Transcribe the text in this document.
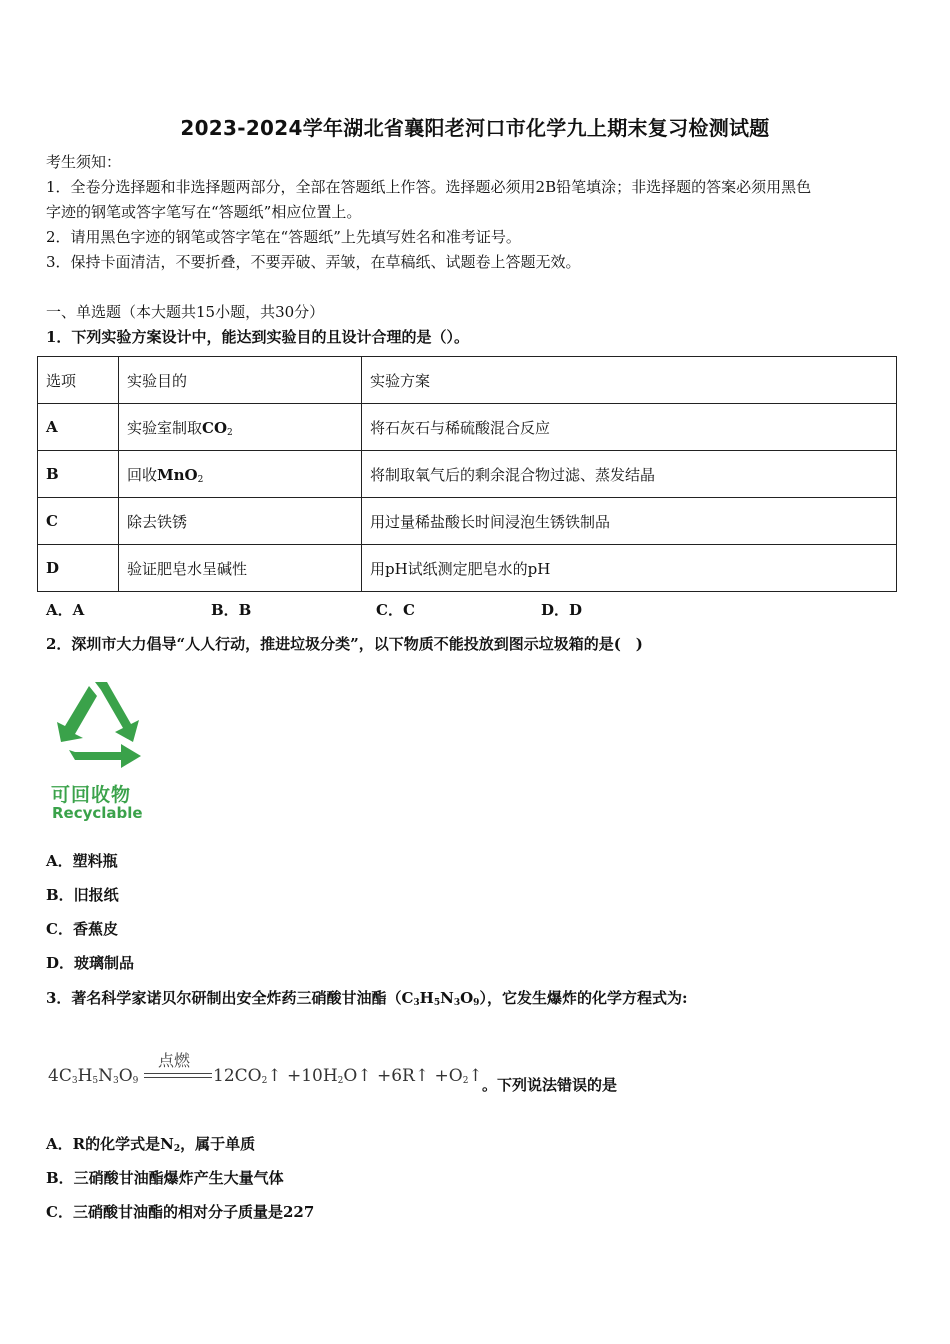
2023-2024学年湖北省襄阳老河口市化学九上期末复习检测试题
考生须知：
1．全卷分选择题和非选择题两部分，全部在答题纸上作答。选择题必须用2B铅笔填涂；非选择题的答案必须用黑色
字迹的钢笔或答字笔写在“答题纸”相应位置上。
2．请用黑色字迹的钢笔或答字笔在“答题纸”上先填写姓名和准考证号。
3．保持卡面清洁，不要折叠，不要弄破、弄皱，在草稿纸、试题卷上答题无效。
一、单选题（本大题共15小题，共30分）
1．下列实验方案设计中，能达到实验目的且设计合理的是（）。
选项	实验目的	实验方案
A	实验室制取$CO_2$	将石灰石与稀硫酸混合反应
B	回收MnO$_2$	将制取氧气后的剩余混合物过滤、蒸发结晶
C	除去铁锈	用过量稀盐酸长时间浸泡生锈铁制品
D	验证肥皂水呈碱性	用pH试纸测定肥皂水的pH
A．A	B．B	C．C	D．D
2．深圳市大力倡导“人人行动，推进垃圾分类”，以下物质不能投放到图示垃圾箱的是(　)
可回收物
Recyclable
A．塑料瓶
B．旧报纸
C．香蕉皮
D．玻璃制品
3．著名科学家诺贝尔研制出安全炸药三硝酸甘油酯$(C_3H_5N_3O_9)$，它发生爆炸的化学方程式为:
$4C_3H_5N_3O_9$
点燃
$12CO_2↑$ $+10H_2O↑$ +6R↑ $+O_2↑$ 。下列说法错误的是
A．R的化学式是$N_2$，属于单质
B．三硝酸甘油酯爆炸产生大量气体
C．三硝酸甘油酯的相对分子质量是227
